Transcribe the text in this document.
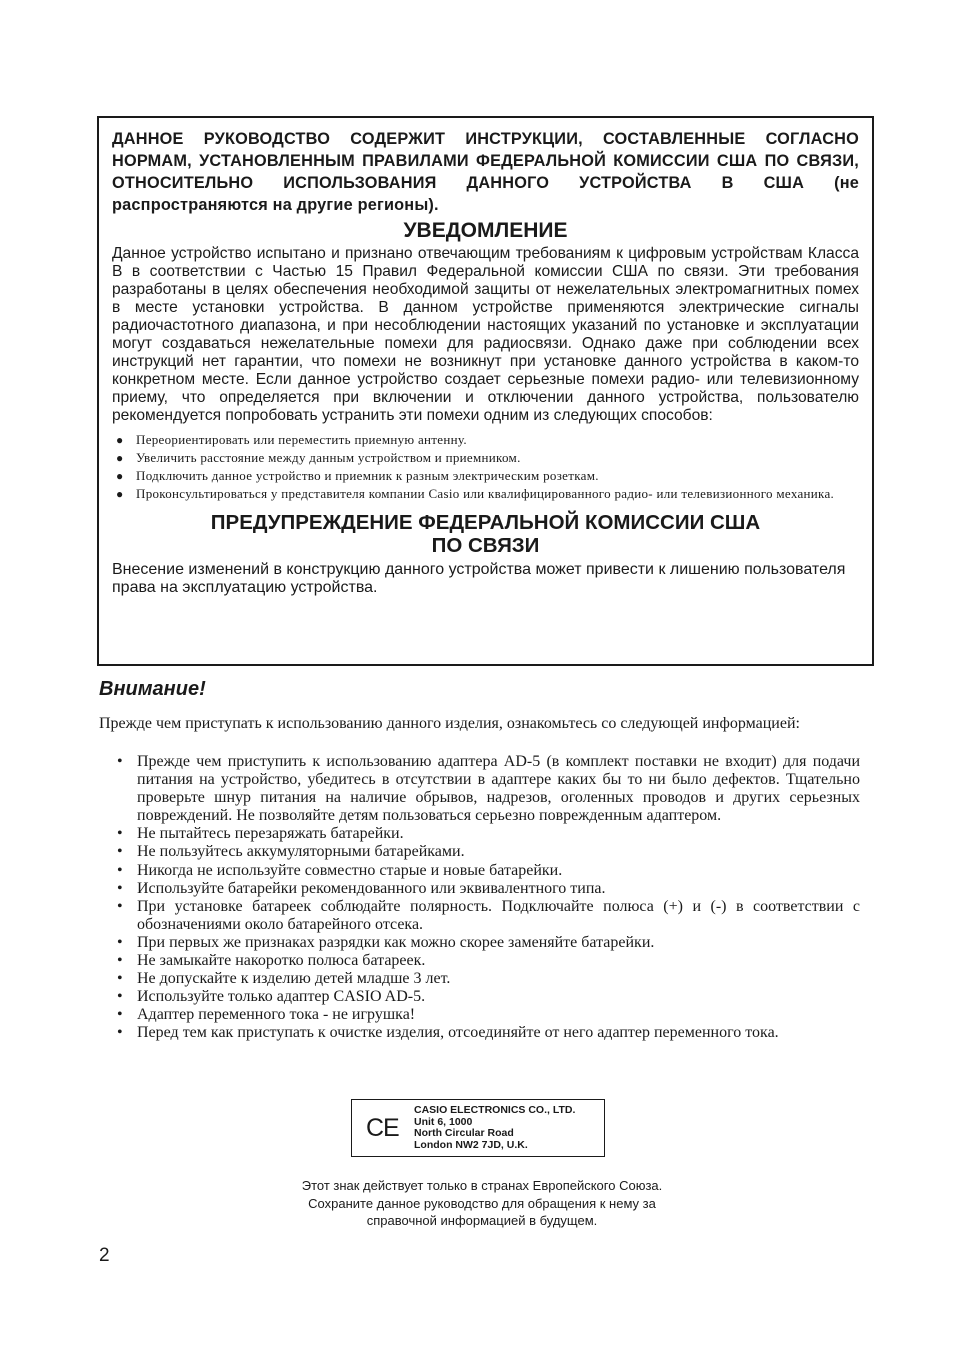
ДАННОЕ РУКОВОДСТВО СОДЕРЖИТ ИНСТРУКЦИИ, СОСТАВЛЕННЫЕ СОГЛАСНО НОРМАМ, УСТАНОВЛЕННЫМ ПРАВИЛАМИ ФЕДЕРАЛЬНОЙ КОМИССИИ США ПО СВЯЗИ, ОТНОСИТЕЛЬНО ИСПОЛЬЗОВАНИЯ ДАННОГО УСТРОЙСТВА В США (не распространяются на другие регионы).
УВЕДОМЛЕНИЕ
Данное устройство испытано и признано отвечающим требованиям к цифровым устройствам Класса В в соответствии с Частью 15 Правил Федеральной комиссии США по связи. Эти требования разработаны в целях обеспечения необходимой защиты от нежелательных электромагнитных помех в месте установки устройства. В данном устройстве применяются электрические сигналы радиочастотного диапазона, и при несоблюдении настоящих указаний по установке и эксплуатации могут создаваться нежелательные помехи для радиосвязи. Однако даже при соблюдении всех инструкций нет гарантии, что помехи не возникнут при установке данного устройства в каком-то конкретном месте. Если данное устройство создает серьезные помехи радио- или телевизионному приему, что определяется при включении и отключении данного устройства, пользователю рекомендуется попробовать устранить эти помехи одним из следующих способов:
● Переориентировать или переместить приемную антенну.
● Увеличить расстояние между данным устройством и приемником.
● Подключить данное устройство и приемник к разным электрическим розеткам.
● Проконсультироваться у представителя компании Casio или квалифицированного радио- или телевизионного механика.
ПРЕДУПРЕЖДЕНИЕ ФЕДЕРАЛЬНОЙ КОМИССИИ США
ПО СВЯЗИ
Внесение изменений в конструкцию данного устройства может привести к лишению пользователя права на эксплуатацию устройства.
Внимание!
Прежде чем приступать к использованию данного изделия, ознакомьтесь со следующей информацией:
• Прежде чем приступить к использованию адаптера AD-5 (в комплект поставки не входит) для подачи питания на устройство, убедитесь в отсутствии в адаптере каких бы то ни было дефектов. Тщательно проверьте шнур питания на наличие обрывов, надрезов, оголенных проводов и других серьезных повреждений. Не позволяйте детям пользоваться серьезно поврежденным адаптером.
• Не пытайтесь перезаряжать батарейки.
• Не пользуйтесь аккумуляторными батарейками.
• Никогда не используйте совместно старые и новые батарейки.
• Используйте батарейки рекомендованного или эквивалентного типа.
• При установке батареек соблюдайте полярность. Подключайте полюса (+) и (-) в соответствии с обозначениями около батарейного отсека.
• При первых же признаках разрядки как можно скорее заменяйте батарейки.
• Не замыкайте накоротко полюса батареек.
• Не допускайте к изделию детей младше 3 лет.
• Используйте только адаптер CASIO AD-5.
• Адаптер переменного тока - не игрушка!
• Перед тем как приступать к очистке изделия, отсоединяйте от него адаптер переменного тока.
CE
CASIO ELECTRONICS CO., LTD.
Unit 6, 1000
North Circular Road
London NW2 7JD, U.K.
Этот знак действует только в странах Европейского Союза.
Сохраните данное руководство для обращения к нему за
справочной информацией в будущем.
2
